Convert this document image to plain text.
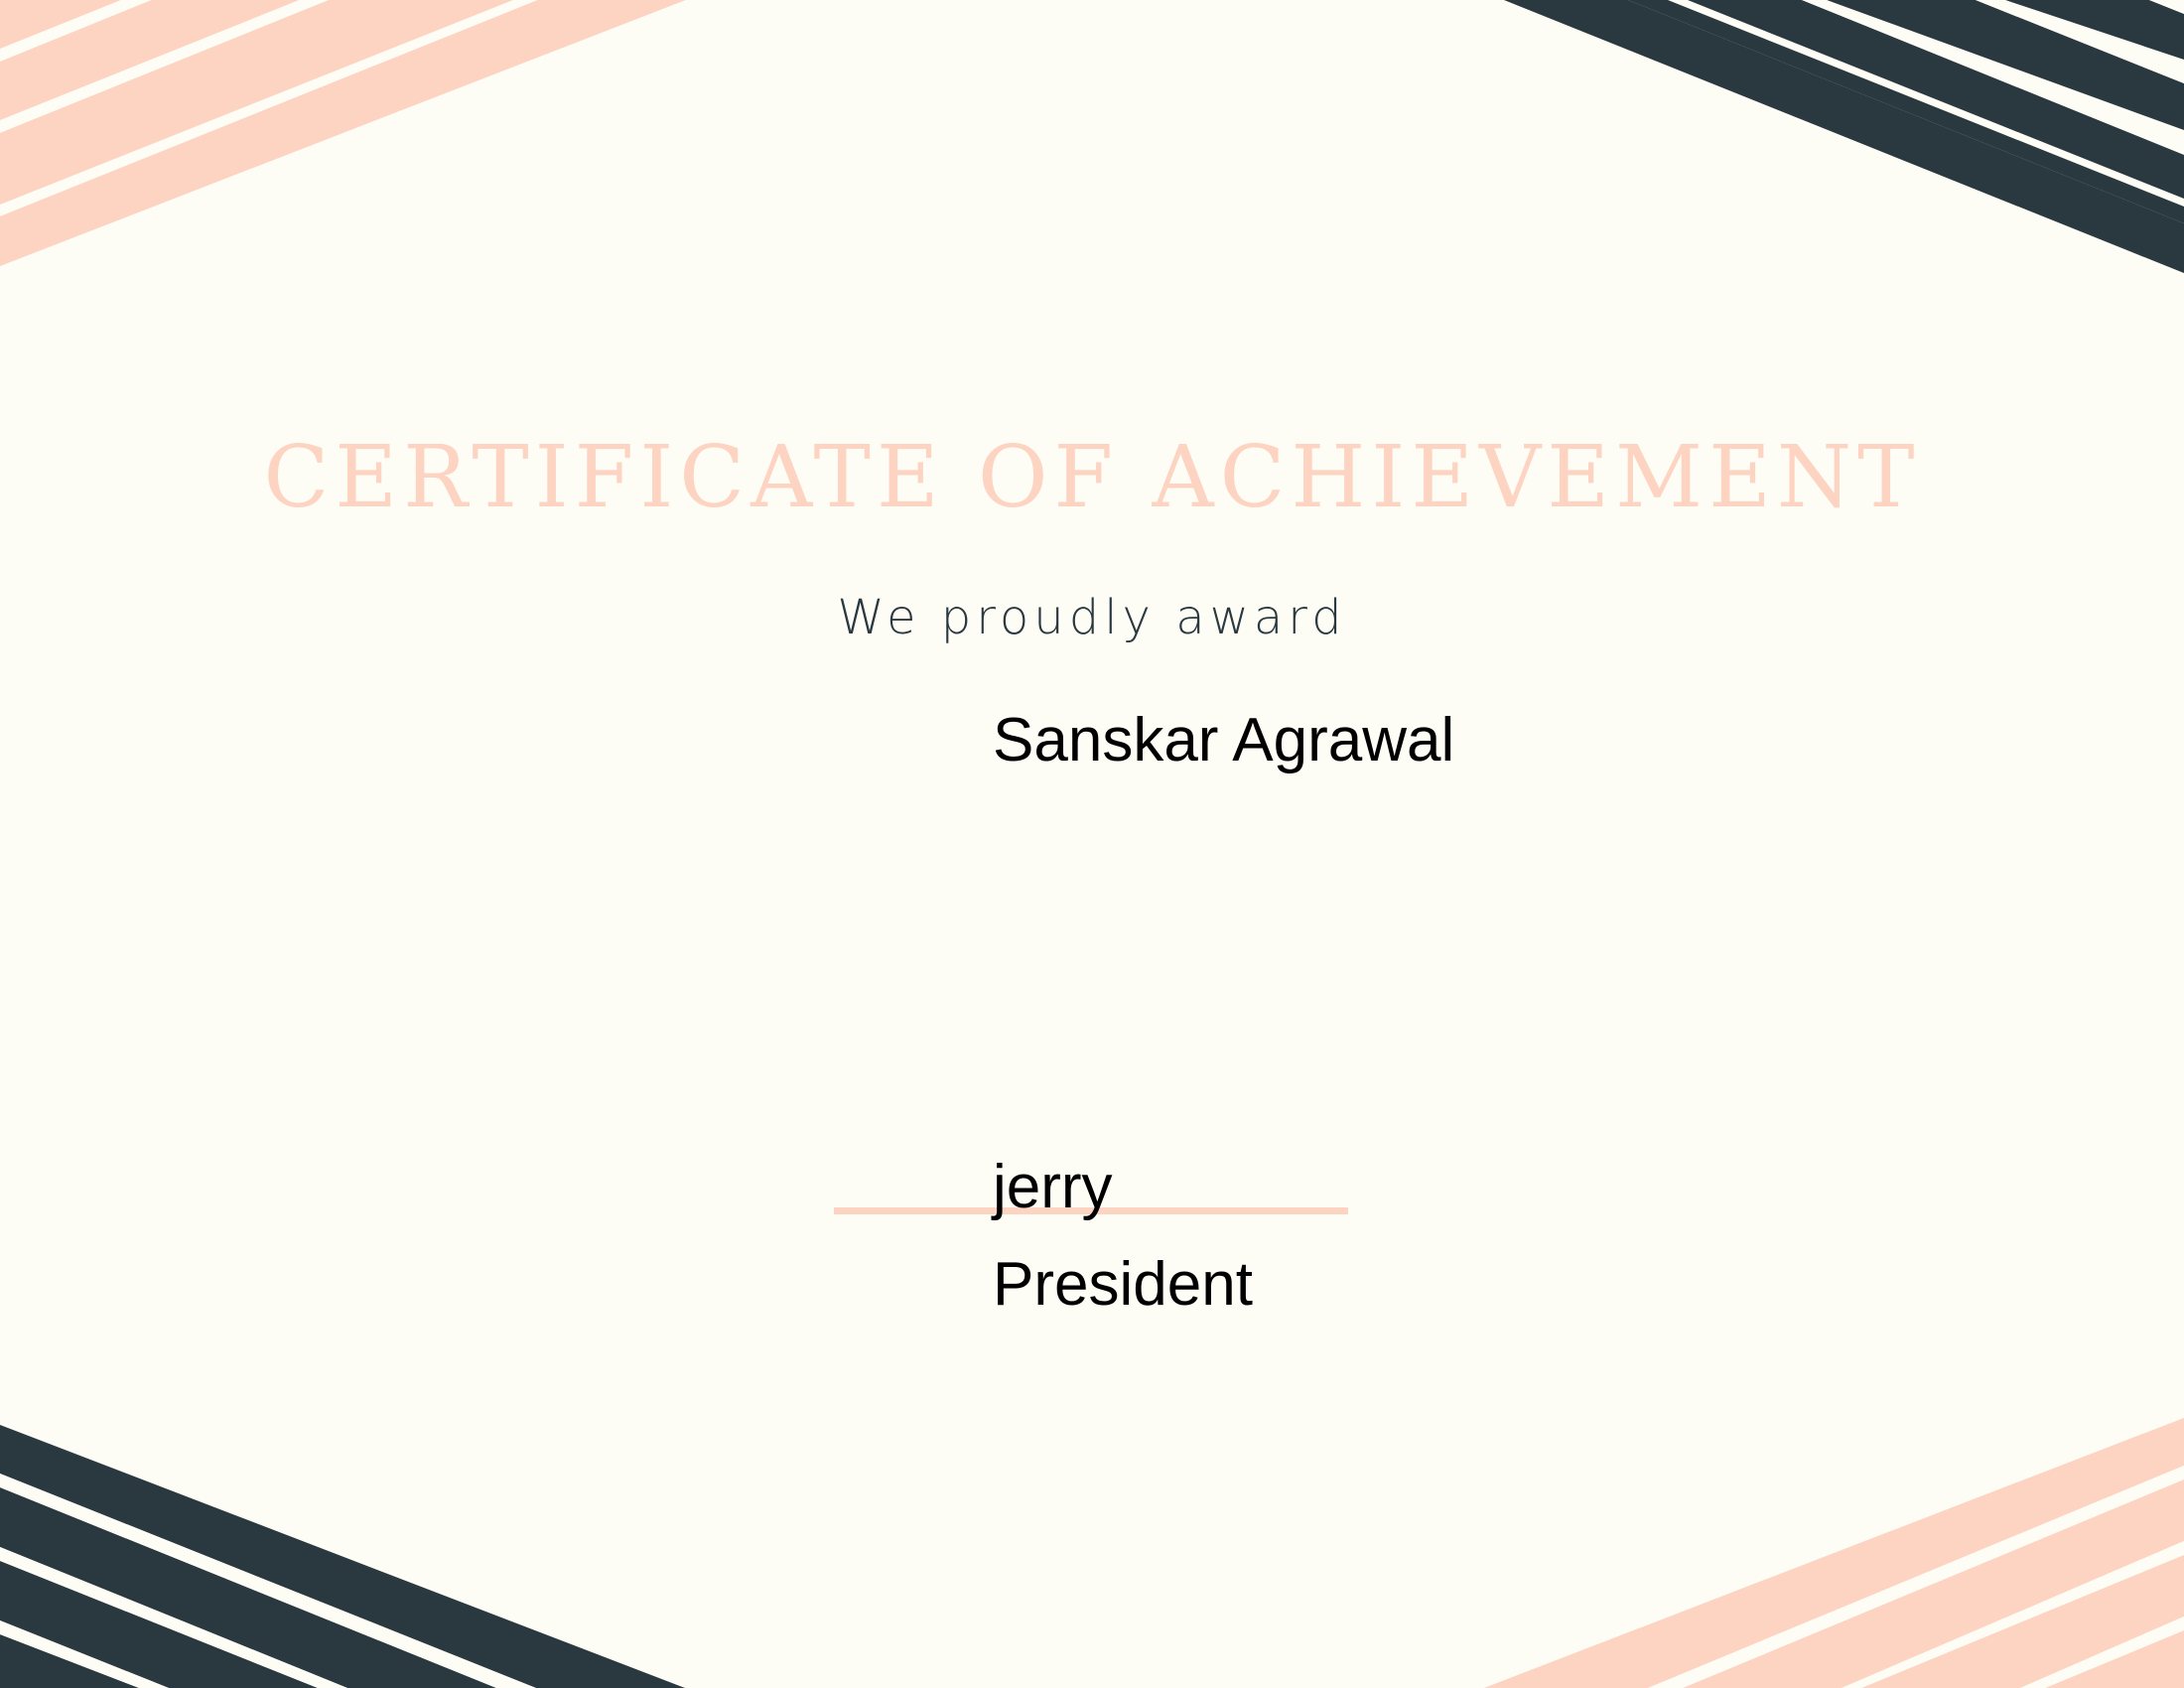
CERTIFICATE OF ACHIEVEMENT
We proudly award
Sanskar Agrawal
jerry
President
